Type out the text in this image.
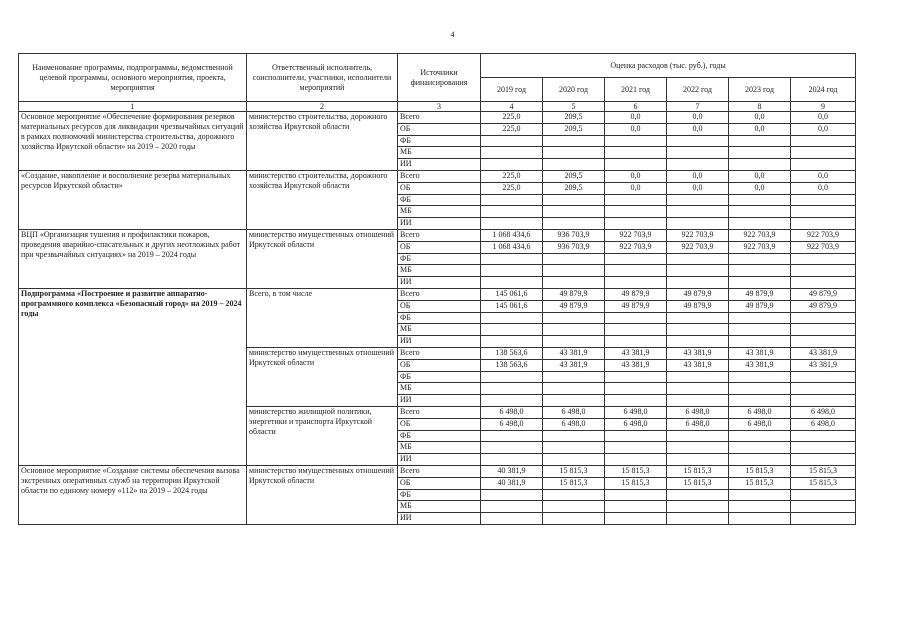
4
Наименование программы, подпрограммы, ведомственной целевой программы, основного мероприятия, проекта, мероприятия	Ответственный исполнитель, соисполнители, участники, исполнители мероприятий	Источники финансирования	Оценка расходов (тыс. руб.), годы					
			2019 год	2020 год	2021 год	2022 год	2023 год	2024 год
1	2	3	4	5	6	7	8	9
Основное мероприятие «Обеспечение формирования резервов материальных ресурсов для ликвидации чрезвычайных ситуаций в рамках полномочий министерства строительства, дорожного хозяйства Иркутской области» на 2019 – 2020 годы	министерство строительства, дорожного хозяйства Иркутской области	Всего	225,0	209,5	0,0	0,0	0,0	0,0
		ОБ	225,0	209,5	0,0	0,0	0,0	0,0
		ФБ						
		МБ						
		ИИ						
«Создание, накопление и восполнение резерва материальных ресурсов Иркутской области»	министерство строительства, дорожного хозяйства Иркутской области	Всего	225,0	209,5	0,0	0,0	0,0	0,0
		ОБ	225,0	209,5	0,0	0,0	0,0	0,0
		ФБ						
		МБ						
		ИИ						
ВЦП «Организация тушения и профилактики пожаров, проведения аварийно-спасательных и других неотложных работ при чрезвычайных ситуациях» на 2019 – 2024 годы	министерство имущественных отношений Иркутской области	Всего	1 068 434,6	936 703,9	922 703,9	922 703,9	922 703,9	922 703,9
		ОБ	1 068 434,6	936 703,9	922 703,9	922 703,9	922 703,9	922 703,9
		ФБ						
		МБ						
		ИИ						
Подпрограмма «Построение и развитие аппаратно-программного комплекса «Безопасный город» на 2019 – 2024 годы	Всего, в том числе	Всего	145 061,6	49 879,9	49 879,9	49 879,9	49 879,9	49 879,9
		ОБ	145 061,6	49 879,9	49 879,9	49 879,9	49 879,9	49 879,9
		ФБ						
		МБ						
		ИИ						
	министерство имущественных отношений Иркутской области	Всего	138 563,6	43 381,9	43 381,9	43 381,9	43 381,9	43 381,9
		ОБ	138 563,6	43 381,9	43 381,9	43 381,9	43 381,9	43 381,9
		ФБ						
		МБ						
		ИИ						
	министерство жилищной политики, энергетики и транспорта Иркутской области	Всего	6 498,0	6 498,0	6 498,0	6 498,0	6 498,0	6 498,0
		ОБ	6 498,0	6 498,0	6 498,0	6 498,0	6 498,0	6 498,0
		ФБ						
		МБ						
		ИИ						
Основное мероприятие «Создание системы обеспечения вызова экстренных оперативных служб на территории Иркутской области по единому номеру «112» на 2019 – 2024 годы	министерство имущественных отношений Иркутской области	Всего	40 381,9	15 815,3	15 815,3	15 815,3	15 815,3	15 815,3
		ОБ	40 381,9	15 815,3	15 815,3	15 815,3	15 815,3	15 815,3
		ФБ						
		МБ						
		ИИ						
